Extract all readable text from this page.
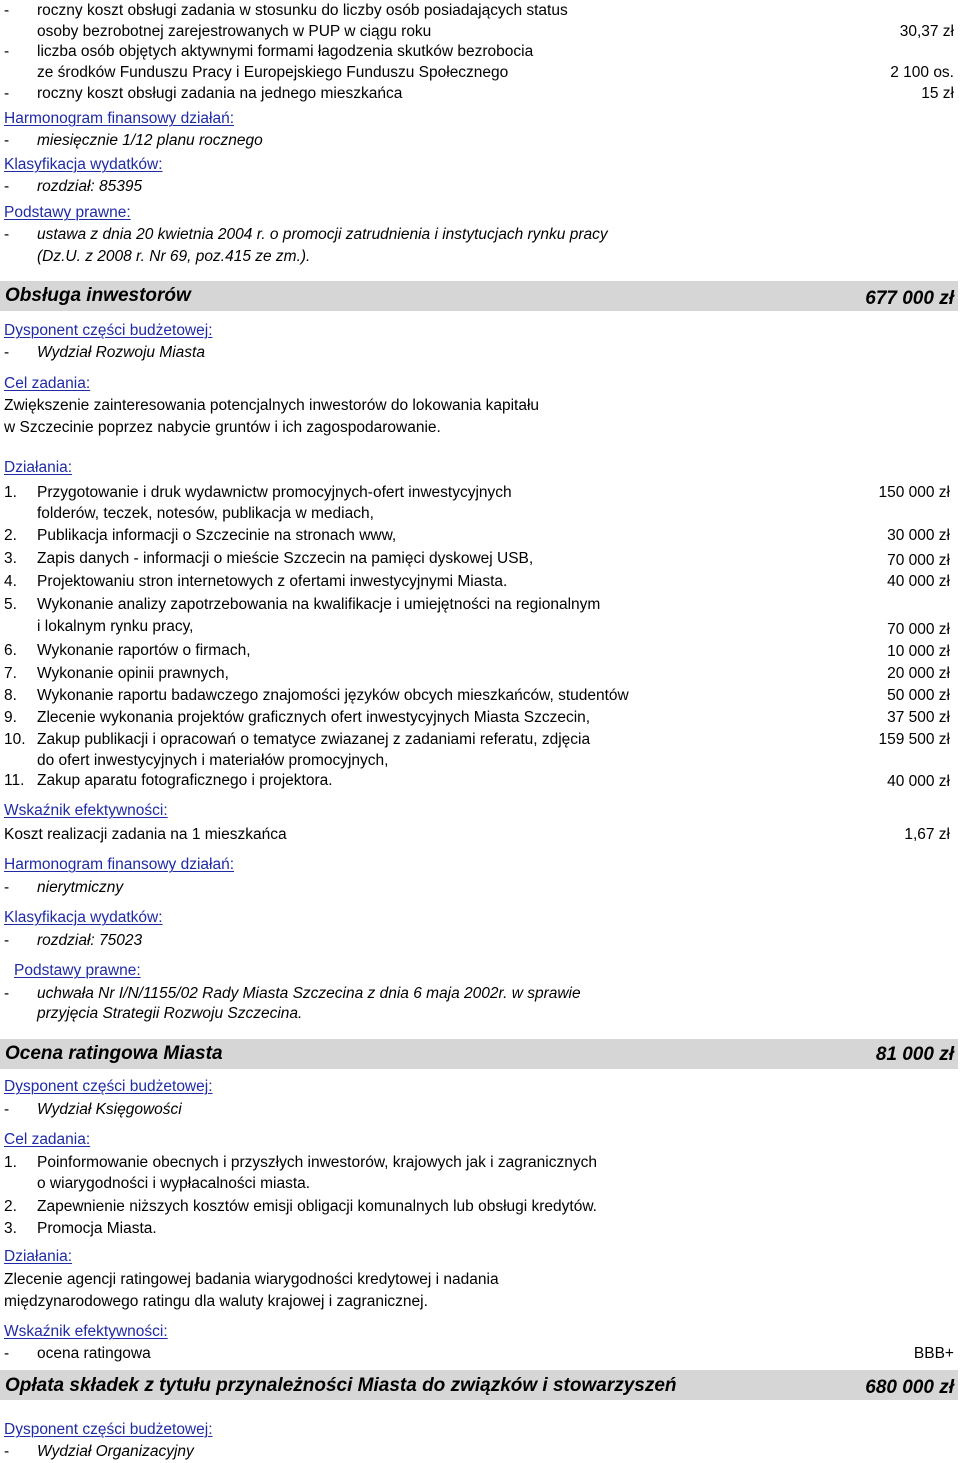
- roczny koszt obsługi zadania w stosunku do liczby osób posiadających status
osoby bezrobotnej zarejestrowanych w PUP w ciągu roku	30,37 zł
- liczba osób objętych aktywnymi formami łagodzenia skutków bezrobocia
ze środków Funduszu Pracy i Europejskiego Funduszu Społecznego	2 100 os.
- roczny koszt obsługi zadania na jednego mieszkańca	15 zł
Harmonogram finansowy działań:
- miesięcznie 1/12 planu rocznego
Klasyfikacja wydatków:
- rozdział: 85395
Podstawy prawne:
- ustawa z dnia 20 kwietnia 2004 r. o promocji zatrudnienia i instytucjach rynku pracy
(Dz.U. z 2008 r. Nr 69, poz.415 ze zm.).
Obsługa inwestorów	677 000 zł
Dysponent części budżetowej:
- Wydział Rozwoju Miasta
Cel zadania:
Zwiększenie zainteresowania potencjalnych inwestorów do lokowania kapitału
w Szczecinie poprzez nabycie gruntów i ich zagospodarowanie.
Działania:
1. Przygotowanie i druk wydawnictw promocyjnych-ofert inwestycyjnych	150 000 zł
folderów, teczek, notesów, publikacja w mediach,
2. Publikacja informacji o Szczecinie na stronach www,	30 000 zł
3. Zapis danych - informacji o mieście Szczecin na pamięci dyskowej USB,	70 000 zł
4. Projektowaniu stron internetowych z ofertami inwestycyjnymi Miasta.	40 000 zł
5. Wykonanie analizy zapotrzebowania na kwalifikacje i umiejętności na regionalnym
i lokalnym rynku pracy,	70 000 zł
6. Wykonanie raportów o firmach,	10 000 zł
7. Wykonanie opinii prawnych,	20 000 zł
8. Wykonanie raportu badawczego znajomości języków obcych mieszkańców, studentów	50 000 zł
9. Zlecenie wykonania projektów graficznych ofert inwestycyjnych Miasta Szczecin,	37 500 zł
10. Zakup publikacji i opracowań o tematyce zwiazanej z zadaniami referatu, zdjęcia	159 500 zł
do ofert inwestycyjnych i materiałów promocyjnych,
11. Zakup aparatu fotograficznego i projektora.	40 000 zł
Wskaźnik efektywności:
Koszt realizacji zadania na 1 mieszkańca	1,67 zł
Harmonogram finansowy działań:
- nierytmiczny
Klasyfikacja wydatków:
- rozdział: 75023
Podstawy prawne:
- uchwała Nr I/N/1155/02 Rady Miasta Szczecina z dnia 6 maja 2002r. w sprawie
przyjęcia Strategii Rozwoju Szczecina.
Ocena ratingowa Miasta	81 000 zł
Dysponent części budżetowej:
- Wydział Księgowości
Cel zadania:
1. Poinformowanie obecnych i przyszłych inwestorów, krajowych jak i zagranicznych
o wiarygodności i wypłacalności miasta.
2. Zapewnienie niższych kosztów emisji obligacji komunalnych lub obsługi kredytów.
3. Promocja Miasta.
Działania:
Zlecenie agencji ratingowej badania wiarygodności kredytowej i nadania
międzynarodowego ratingu dla waluty krajowej i zagranicznej.
Wskaźnik efektywności:
- ocena ratingowa	BBB+
Opłata składek z tytułu przynależności Miasta do związków i stowarzyszeń	680 000 zł
Dysponent części budżetowej:
- Wydział Organizacyjny
